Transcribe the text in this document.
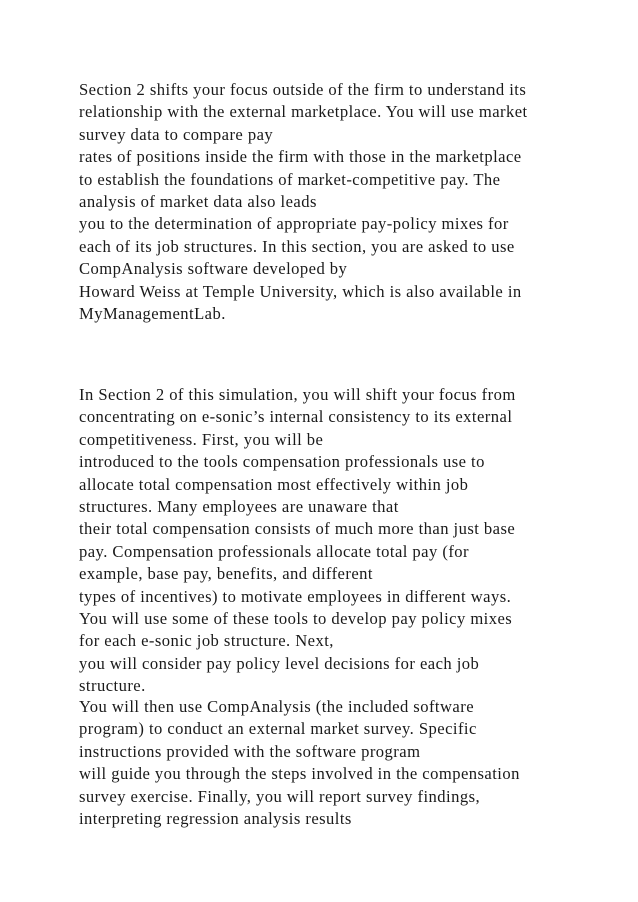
Section 2 shifts your focus outside of the firm to understand its
relationship with the external marketplace. You will use market
survey data to compare pay
rates of positions inside the firm with those in the marketplace
to establish the foundations of market-competitive pay. The
analysis of market data also leads
you to the determination of appropriate pay-policy mixes for
each of its job structures. In this section, you are asked to use
CompAnalysis software developed by
Howard Weiss at Temple University, which is also available in
MyManagementLab.
In Section 2 of this simulation, you will shift your focus from
concentrating on e-sonic’s internal consistency to its external
competitiveness. First, you will be
introduced to the tools compensation professionals use to
allocate total compensation most effectively within job
structures. Many employees are unaware that
their total compensation consists of much more than just base
pay. Compensation professionals allocate total pay (for
example, base pay, benefits, and different
types of incentives) to motivate employees in different ways.
You will use some of these tools to develop pay policy mixes
for each e-sonic job structure. Next,
you will consider pay policy level decisions for each job
structure.
You will then use CompAnalysis (the included software
program) to conduct an external market survey. Specific
instructions provided with the software program
will guide you through the steps involved in the compensation
survey exercise. Finally, you will report survey findings,
interpreting regression analysis results
